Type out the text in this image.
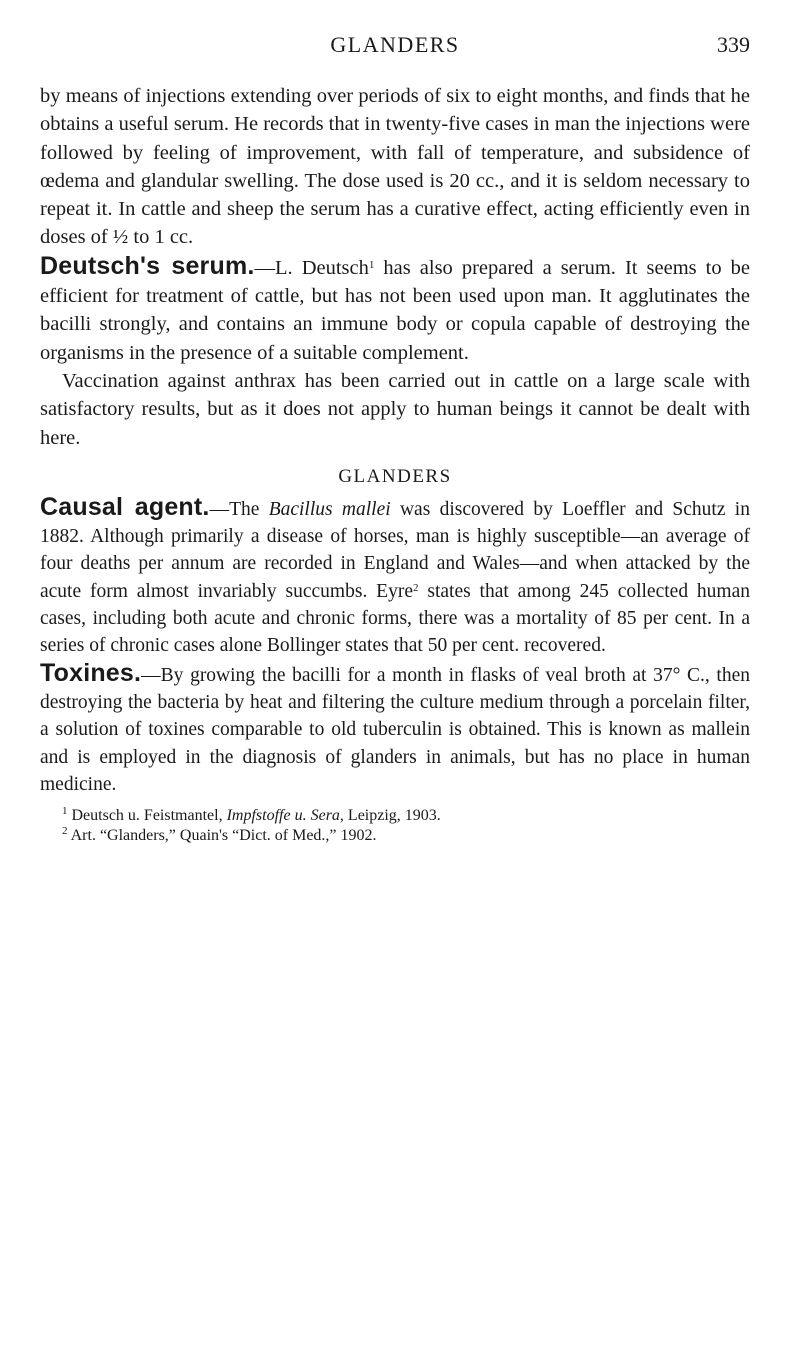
GLANDERS	339

by means of injections extending over periods of six to eight months, and finds that he obtains a useful serum. He records that in twenty-five cases in man the injections were followed by feeling of improvement, with fall of temperature, and subsidence of œdema and glandular swelling. The dose used is 20 cc., and it is seldom necessary to repeat it. In cattle and sheep the serum has a curative effect, acting efficiently even in doses of ½ to 1 cc.

Deutsch's serum.—L. Deutsch$^1$ has also prepared a serum. It seems to be efficient for treatment of cattle, but has not been used upon man. It agglutinates the bacilli strongly, and contains an immune body or copula capable of destroying the organisms in the presence of a suitable complement.

Vaccination against anthrax has been carried out in cattle on a large scale with satisfactory results, but as it does not apply to human beings it cannot be dealt with here.

GLANDERS

Causal agent.—The Bacillus mallei was discovered by Loeffler and Schutz in 1882. Although primarily a disease of horses, man is highly susceptible—an average of four deaths per annum are recorded in England and Wales—and when attacked by the acute form almost invariably succumbs. Eyre$^2$ states that among 245 collected human cases, including both acute and chronic forms, there was a mortality of 85 per cent. In a series of chronic cases alone Bollinger states that 50 per cent. recovered.

Toxines.—By growing the bacilli for a month in flasks of veal broth at 37° C., then destroying the bacteria by heat and filtering the culture medium through a porcelain filter, a solution of toxines comparable to old tuberculin is obtained. This is known as mallein and is employed in the diagnosis of glanders in animals, but has no place in human medicine.

$^1$ Deutsch u. Feistmantel, Impfstoffe u. Sera, Leipzig, 1903.

$^2$ Art. “Glanders,” Quain's “Dict. of Med.,” 1902.
